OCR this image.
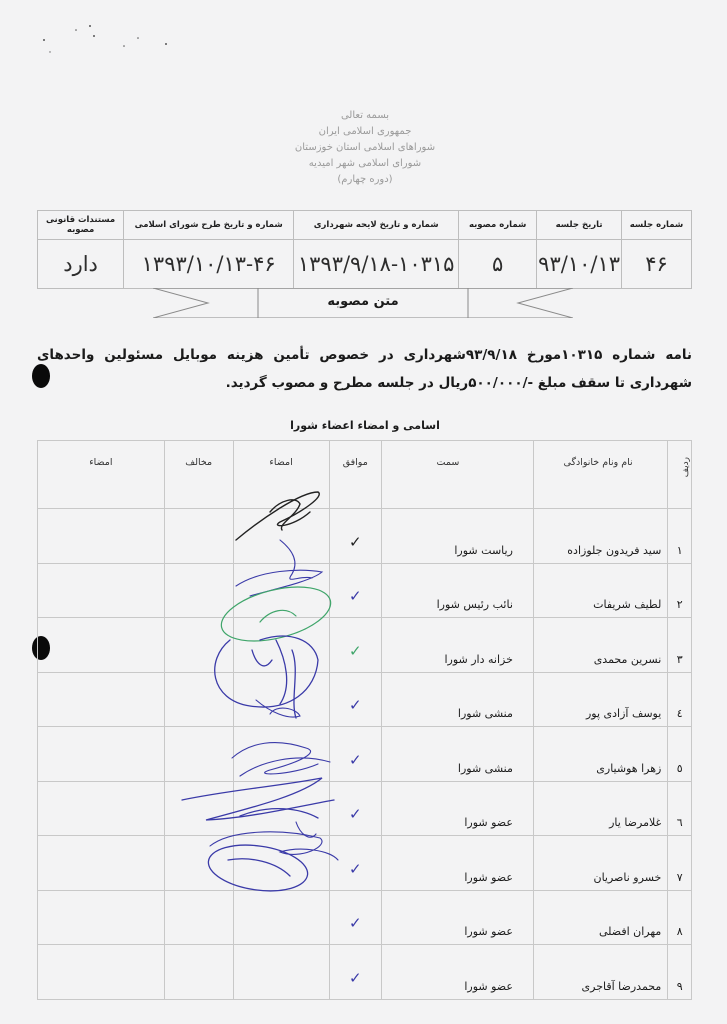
بسمه تعالی
جمهوری اسلامی ایران
شوراهای اسلامی استان خوزستان
شورای اسلامی شهر امیدیه
(دوره چهارم)
شماره جلسه	تاریخ جلسه	شماره مصوبه	شماره و تاریخ لایحه شهرداری	شماره و تاریخ طرح شورای اسلامی	مستندات قانونی مصوبه
۴۶	۹۳/۱۰/۱۳	۵	۱۳۹۳/۹/۱۸-۱۰۳۱۵	۱۳۹۳/۱۰/۱۳-۴۶	دارد
متن مصوبه
نامه شماره ۱۰۳۱۵مورخ ۹۳/۹/۱۸شهرداری در خصوص تأمین هزینه موبایل مسئولین واحدهای شهرداری تا سقف مبلغ -/۵۰۰/۰۰۰ریال در جلسه مطرح و مصوب گردید.
اسامی و امضاء اعضاء شورا
ردیف	نام ونام خانوادگی	سمت	موافق	امضاء	مخالف	امضاء
۱	سید فریدون جلوزاده	ریاست شورا	✓			
۲	لطیف شریفات	نائب رئیس شورا	✓			
۳	نسرین محمدی	خزانه دار شورا	✓			
٤	یوسف آزادی پور	منشی شورا	✓			
٥	زهرا هوشیاری	منشی شورا	✓			
٦	غلامرضا یار	عضو شورا	✓			
۷	خسرو ناصریان	عضو شورا	✓			
۸	مهران افضلی	عضو شورا	✓			
۹	محمدرضا آقاجری	عضو شورا	✓			
